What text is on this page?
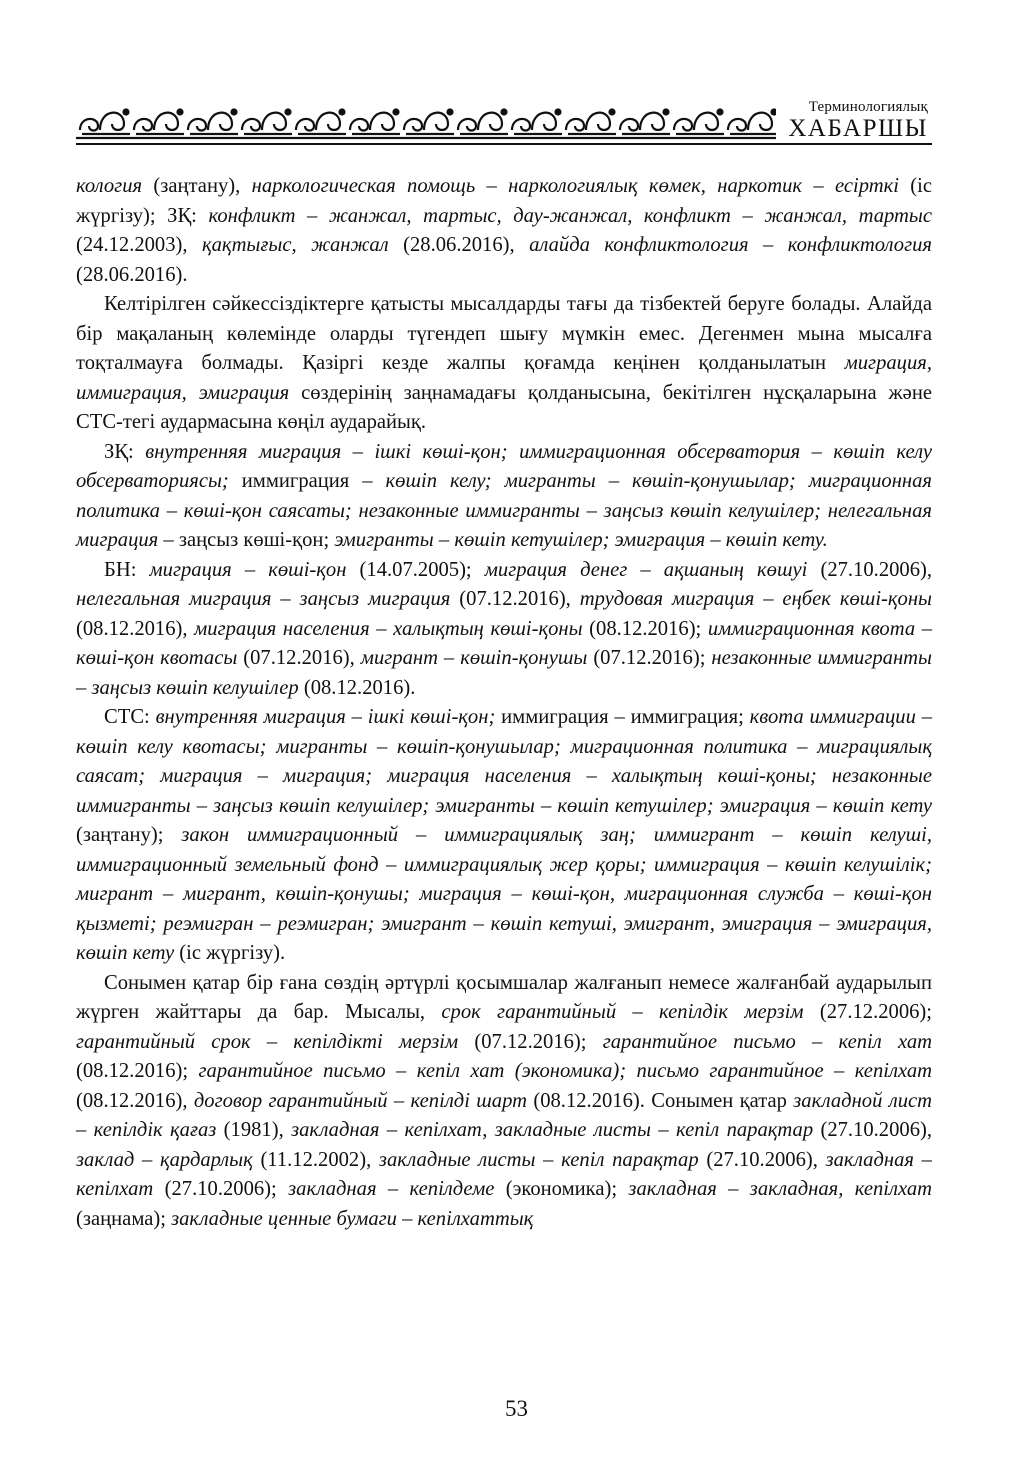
Терминологиялық
ХАБАРШЫ

кология (заңтану), наркологическая помощь – наркологиялық көмек, наркотик – есірткі (іс жүргізу); ЗҚ: конфликт – жанжал, тартыс, дау-жанжал, конфликт – жанжал, тартыс (24.12.2003), қақтығыс, жанжал (28.06.2016), алайда конфликтология – конфликтология (28.06.2016).

Келтірілген сәйкессіздіктерге қатысты мысалдарды тағы да тізбектей беруге болады. Алайда бір мақаланың көлемінде оларды түгендеп шығу мүмкін емес. Дегенмен мына мысалға тоқталмауға болмады. Қазіргі кезде жалпы қоғамда кеңінен қолданылатын миграция, иммиграция, эмиграция сөздерінің заңнамадағы қолданысына, бекітілген нұсқаларына және СТС-тегі аудармасына көңіл аударайық.

ЗҚ: внутренняя миграция – ішкі көші-қон; иммиграционная обсерватория – көшіп келу обсерваториясы; иммиграция – көшіп келу; мигранты – көшіп-қонушылар; миграционная политика – көші-қон саясаты; незаконные иммигранты – заңсыз көшіп келушілер; нелегальная миграция – заңсыз көші-қон; эмигранты – көшіп кетушілер; эмиграция – көшіп кету.

БН: миграция – көші-қон (14.07.2005); миграция денег – ақшаның көшуі (27.10.2006), нелегальная миграция – заңсыз миграция (07.12.2016), трудовая миграция – еңбек көші-қоны (08.12.2016), миграция населения – халықтың көші-қоны (08.12.2016); иммиграционная квота – көші-қон квотасы (07.12.2016), мигрант – көшіп-қонушы (07.12.2016); незаконные иммигранты – заңсыз көшіп келушілер (08.12.2016).

СТС: внутренняя миграция – ішкі көші-қон; иммиграция – иммиграция; квота иммиграции – көшіп келу квотасы; мигранты – көшіп-қонушылар; миграционная политика – миграциялық саясат; миграция – миграция; миграция населения – халықтың көші-қоны; незаконные иммигранты – заңсыз көшіп келушілер; эмигранты – көшіп кетушілер; эмиграция – көшіп кету (заңтану); закон иммиграционный – иммиграциялық заң; иммигрант – көшіп келуші, иммиграционный земельный фонд – иммиграциялық жер қоры; иммиграция – көшіп келушілік; мигрант – мигрант, көшіп-қонушы; миграция – көші-қон, миграционная служба – көші-қон қызметі; реэмигран – реэмигран; эмигрант – көшіп кетуші, эмигрант, эмиграция – эмиграция, көшіп кету (іс жүргізу).

Сонымен қатар бір ғана сөздің әртүрлі қосымшалар жалғанып немесе жалғанбай аударылып жүрген жайттары да бар. Мысалы, срок гарантийный – кепілдік мерзім (27.12.2006); гарантийный срок – кепілдікті мерзім (07.12.2016); гарантийное письмо – кепіл хат (08.12.2016); гарантийное письмо – кепіл хат (экономика); письмо гарантийное – кепілхат (08.12.2016), договор гарантийный – кепілді шарт (08.12.2016). Сонымен қатар закладной лист – кепілдік қағаз (1981), закладная – кепілхат, закладные листы – кепіл парақтар (27.10.2006), заклад – қардарлық (11.12.2002), закладные листы – кепіл парақтар (27.10.2006), закладная – кепілхат (27.10.2006); закладная – кепілдеме (экономика); закладная – закладная, кепілхат (заңнама); закладные ценные бумаги – кепілхаттық

53
